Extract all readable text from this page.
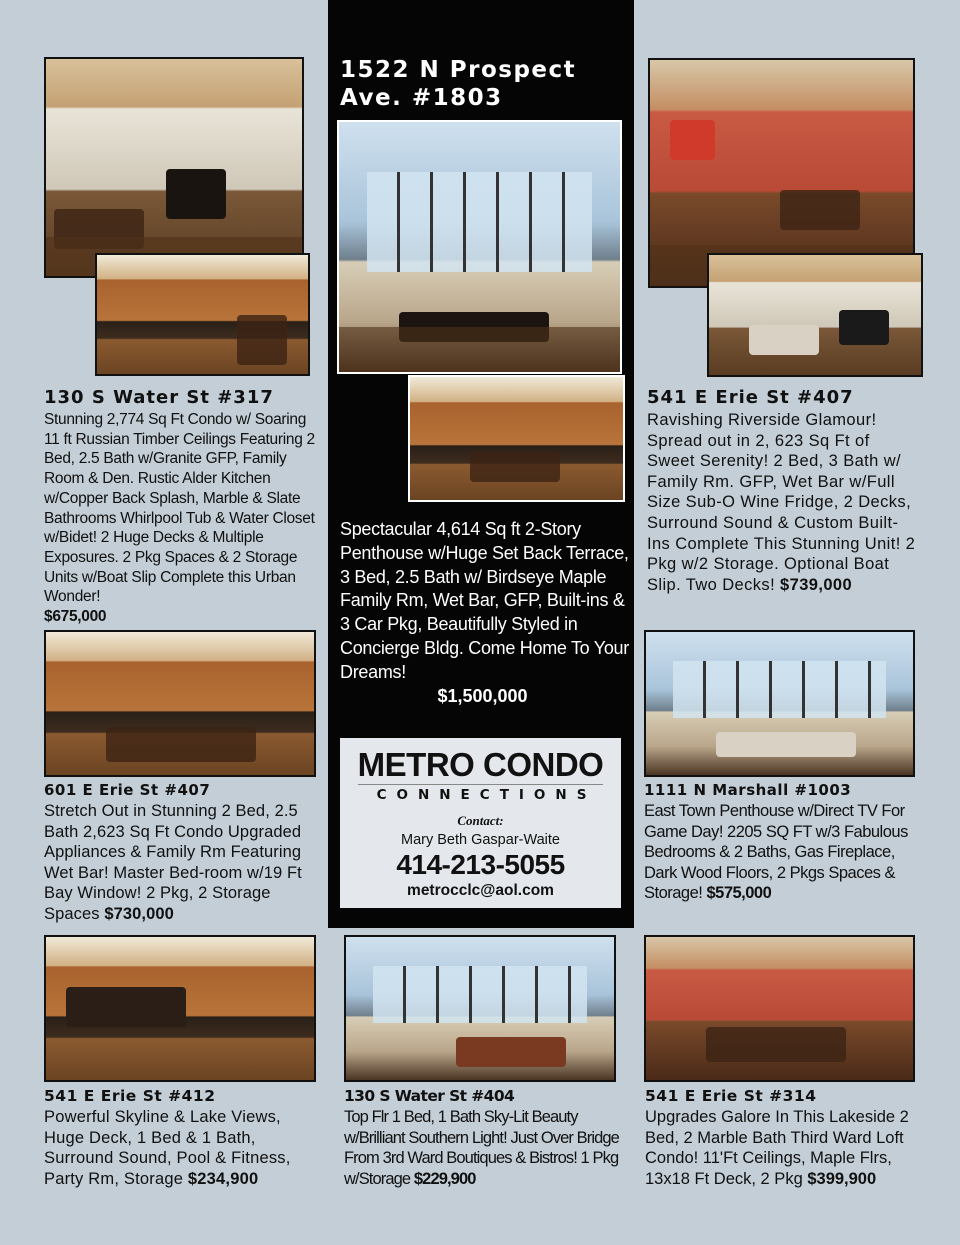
1522 N Prospect Ave. #1803
Spectacular 4,614 Sq ft 2-Story Penthouse w/Huge Set Back Terrace, 3 Bed, 2.5 Bath w/ Birdseye Maple Family Rm, Wet Bar, GFP, Built-ins & 3 Car Pkg, Beautifully Styled in Concierge Bldg. Come Home To Your Dreams!
$1,500,000
METRO CONDO
CONNECTIONS
Contact:
Mary Beth Gaspar-Waite
414-213-5055
metrocclc@aol.com
130 S Water St #317

Stunning 2,774 Sq Ft Condo w/ Soaring 11 ft Russian Timber Ceilings Featuring 2 Bed, 2.5 Bath w/Granite GFP, Family Room & Den. Rustic Alder Kitchen w/Copper Back Splash, Marble & Slate Bathrooms Whirlpool Tub & Water Closet w/Bidet! 2 Huge Decks & Multiple Exposures. 2 Pkg Spaces & 2 Storage Units w/Boat Slip Complete this Urban Wonder!
$675,000

541 E Erie St #407

Ravishing Riverside Glamour! Spread out in 2, 623 Sq Ft of Sweet Serenity! 2 Bed, 3 Bath w/ Family Rm. GFP, Wet Bar w/Full Size Sub-O Wine Fridge, 2 Decks, Surround Sound & Custom Built-Ins Complete This Stunning Unit! 2 Pkg w/2 Storage. Optional Boat Slip. Two Decks! $739,000

601 E Erie St #407

Stretch Out in Stunning 2 Bed, 2.5 Bath 2,623 Sq Ft Condo Upgraded Appliances & Family Rm Featuring Wet Bar! Master Bed-room w/19 Ft Bay Window! 2 Pkg, 2 Storage Spaces $730,000

1111 N Marshall #1003

East Town Penthouse w/Direct TV For Game Day! 2205 SQ FT w/3 Fabulous Bedrooms & 2 Baths, Gas Fireplace, Dark Wood Floors, 2 Pkgs Spaces & Storage! $575,000

541 E Erie St #412

Powerful Skyline & Lake Views, Huge Deck, 1 Bed & 1 Bath, Surround Sound, Pool & Fitness, Party Rm, Storage $234,900

130 S Water St #404

Top Flr 1 Bed, 1 Bath Sky-Lit Beauty w/Brilliant Southern Light! Just Over Bridge From 3rd Ward Boutiques & Bistros! 1 Pkg w/Storage $229,900

541 E Erie St #314

Upgrades Galore In This Lakeside 2 Bed, 2 Marble Bath Third Ward Loft Condo! 11'Ft Ceilings, Maple Flrs, 13x18 Ft Deck, 2 Pkg $399,900
